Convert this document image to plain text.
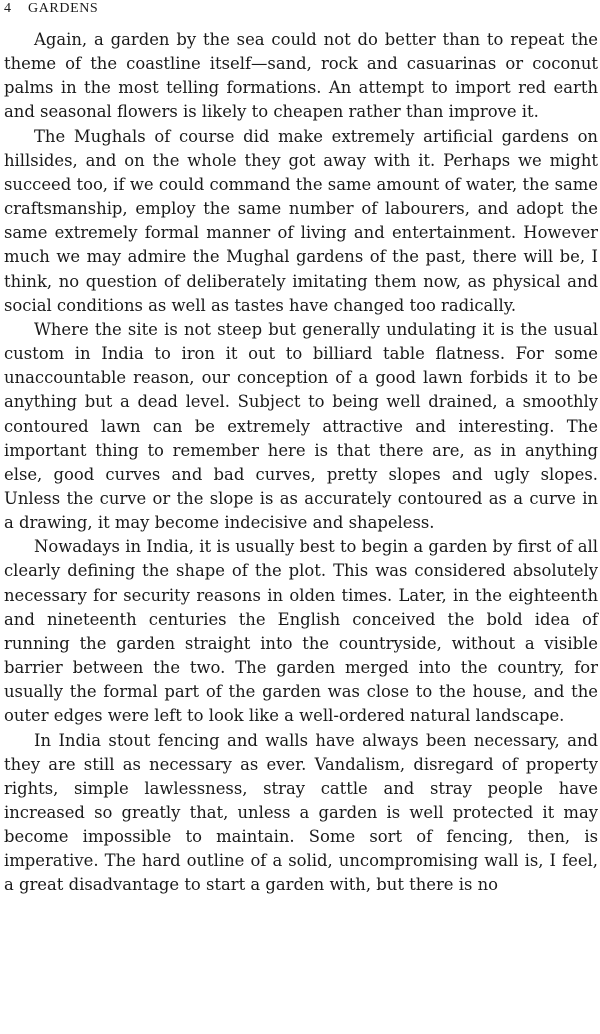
4	GARDENS

Again, a garden by the sea could not do better than to repeat the theme of the coastline itself—sand, rock and casuarinas or coconut palms in the most telling formations. An attempt to import red earth and seasonal flowers is likely to cheapen rather than improve it.

The Mughals of course did make extremely artificial gardens on hillsides, and on the whole they got away with it. Perhaps we might succeed too, if we could command the same amount of water, the same craftsmanship, employ the same number of labourers, and adopt the same extremely formal manner of living and entertainment. However much we may admire the Mughal gardens of the past, there will be, I think, no question of deliberately imitating them now, as physical and social conditions as well as tastes have changed too radically.

Where the site is not steep but generally undulating it is the usual custom in India to iron it out to billiard table flatness. For some unaccountable reason, our conception of a good lawn forbids it to be anything but a dead level. Subject to being well drained, a smoothly contoured lawn can be extremely attractive and interesting. The important thing to remember here is that there are, as in anything else, good curves and bad curves, pretty slopes and ugly slopes. Unless the curve or the slope is as accurately contoured as a curve in a drawing, it may become indecisive and shapeless.

Nowadays in India, it is usually best to begin a garden by first of all clearly defining the shape of the plot. This was considered absolutely necessary for security reasons in olden times. Later, in the eighteenth and nineteenth centuries the English conceived the bold idea of running the garden straight into the countryside, without a visible barrier between the two. The garden merged into the country, for usually the formal part of the garden was close to the house, and the outer edges were left to look like a well-ordered natural landscape.

In India stout fencing and walls have always been necessary, and they are still as necessary as ever. Vandalism, disregard of property rights, simple lawlessness, stray cattle and stray people have increased so greatly that, unless a garden is well protected it may become impossible to maintain. Some sort of fencing, then, is imperative. The hard outline of a solid, uncompromising wall is, I feel, a great disadvantage to start a garden with, but there is no
